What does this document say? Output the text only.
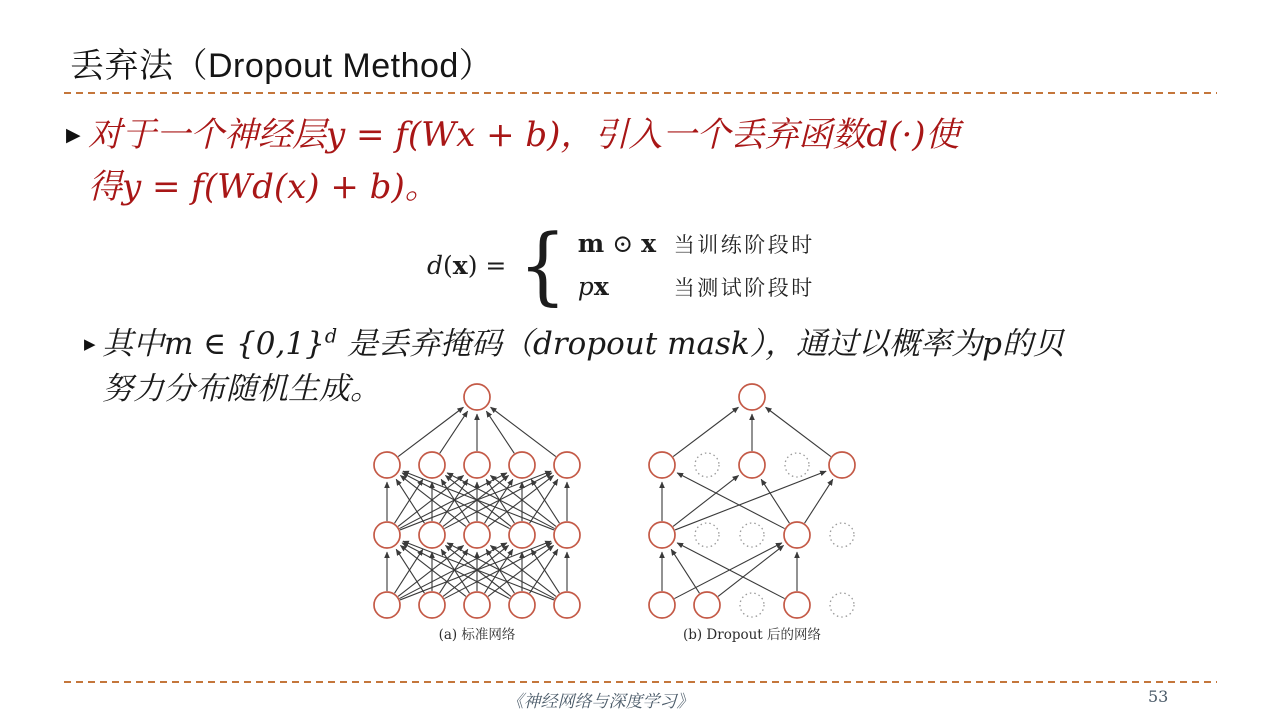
丢弃法（Dropout Method）
▶ 对于一个神经层y = f(Wx + b)，引入一个丢弃函数d(·)使
得y = f(Wd(x) + b)。
d(x) = { m ⊙ x 当训练阶段时
px	当测试阶段时
▶ 其中m ∈ $\{0,1\}^d$ 是丢弃掩码（dropout mask），通过以概率为p的贝
努力分布随机生成。
(a) 标准网络	(b) Dropout 后的网络
《神经网络与深度学习》	53
